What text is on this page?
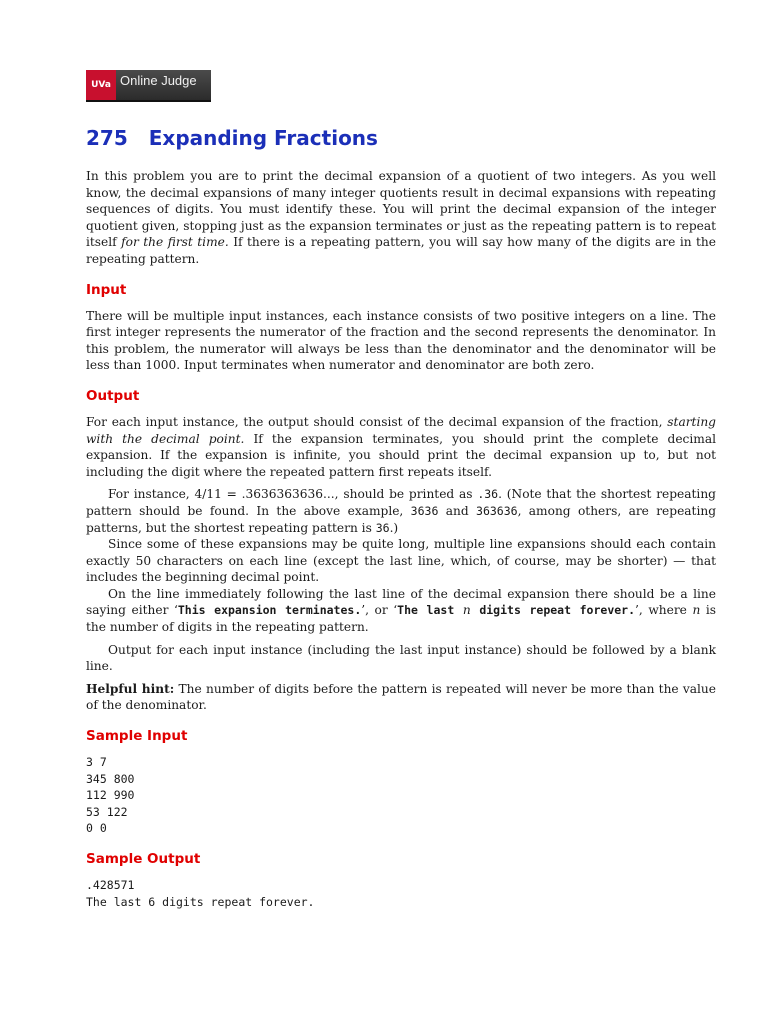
UVa Online Judge
275 Expanding Fractions

In this problem you are to print the decimal expansion of a quotient of two integers. As you well know, the decimal expansions of many integer quotients result in decimal expansions with repeating sequences of digits. You must identify these. You will print the decimal expansion of the integer quotient given, stopping just as the expansion terminates or just as the repeating pattern is to repeat itself for the first time. If there is a repeating pattern, you will say how many of the digits are in the repeating pattern.

Input

There will be multiple input instances, each instance consists of two positive integers on a line. The first integer represents the numerator of the fraction and the second represents the denominator. In this problem, the numerator will always be less than the denominator and the denominator will be less than 1000. Input terminates when numerator and denominator are both zero.

Output

For each input instance, the output should consist of the decimal expansion of the fraction, starting with the decimal point. If the expansion terminates, you should print the complete decimal expansion. If the expansion is infinite, you should print the decimal expansion up to, but not including the digit where the repeated pattern first repeats itself.

For instance, 4/11 = .3636363636..., should be printed as .36. (Note that the shortest repeating pattern should be found. In the above example, 3636 and 363636, among others, are repeating patterns, but the shortest repeating pattern is 36.)

Since some of these expansions may be quite long, multiple line expansions should each contain exactly 50 characters on each line (except the last line, which, of course, may be shorter) — that includes the beginning decimal point.

On the line immediately following the last line of the decimal expansion there should be a line saying either ‘This expansion terminates.’, or ‘The last n digits repeat forever.’, where n is the number of digits in the repeating pattern.

Output for each input instance (including the last input instance) should be followed by a blank line.

Helpful hint: The number of digits before the pattern is repeated will never be more than the value of the denominator.

Sample Input
3 7
345 800
112 990
53 122
0 0
Sample Output
.428571
The last 6 digits repeat forever.
